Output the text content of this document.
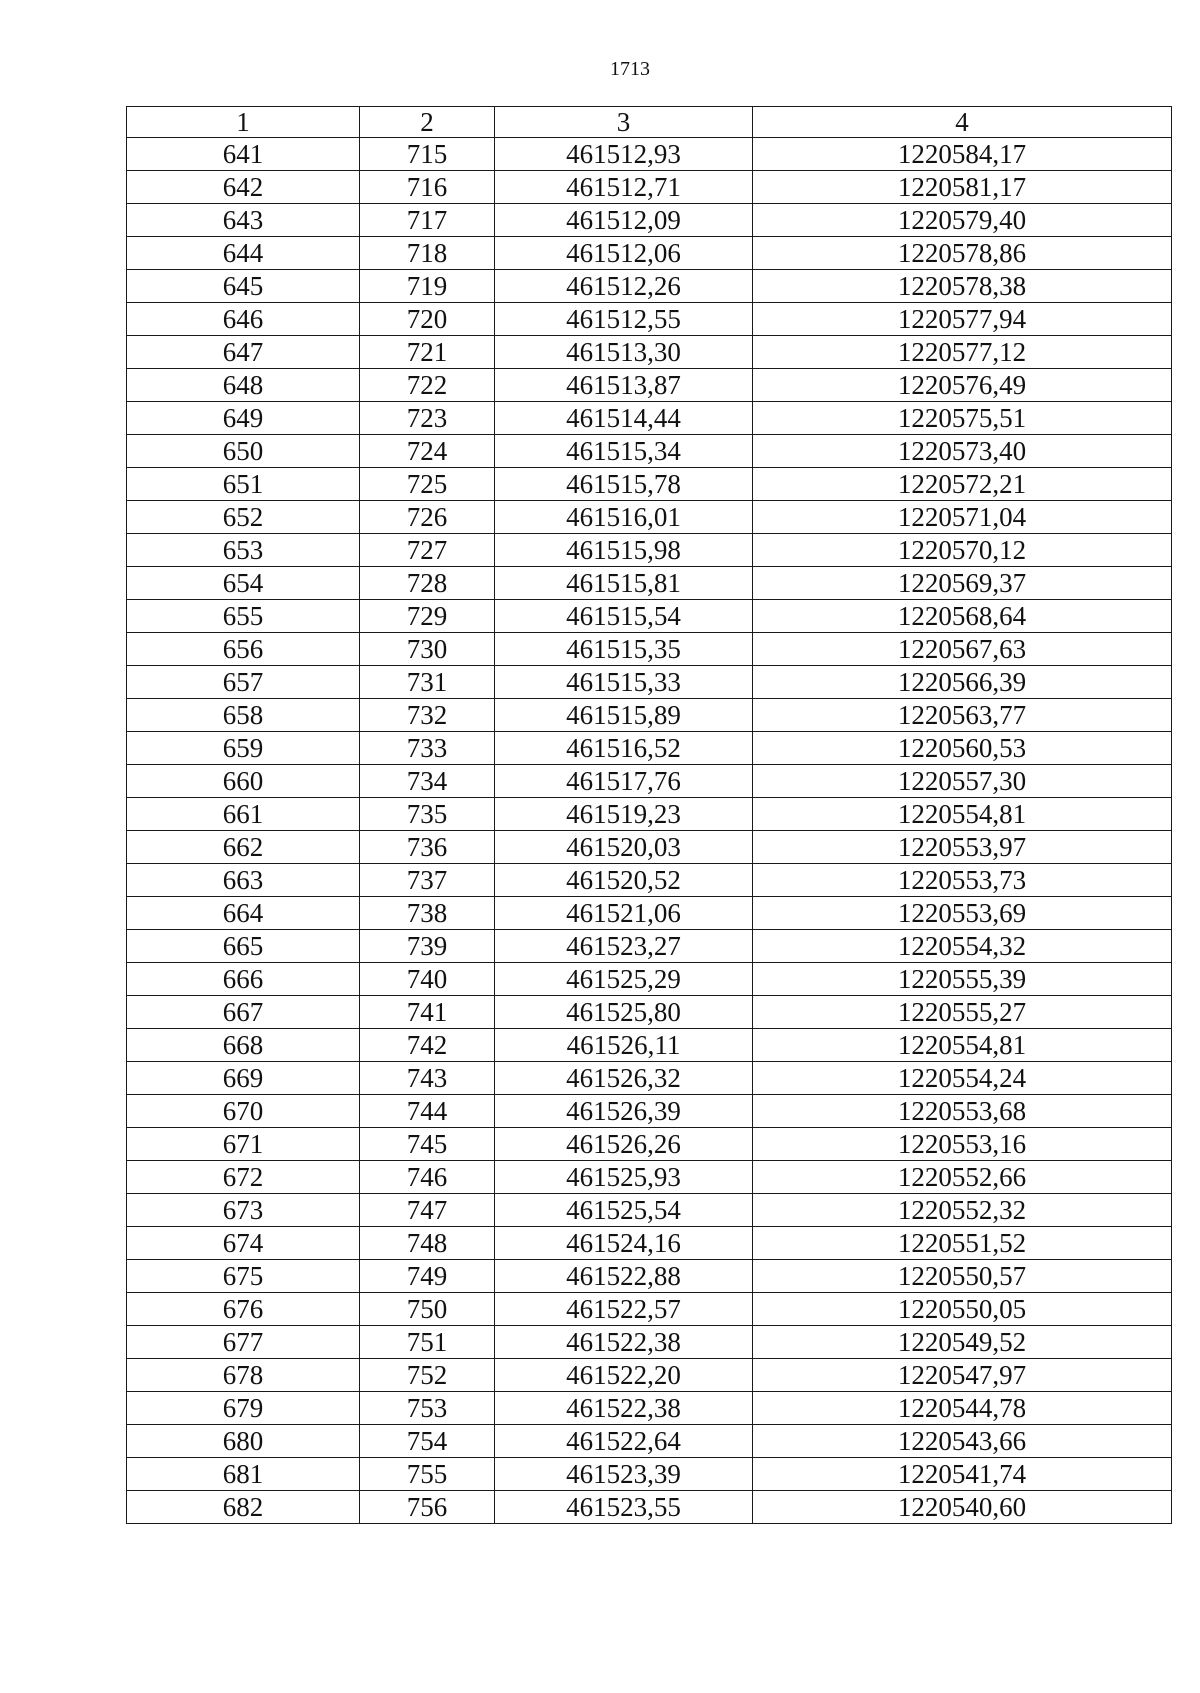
1713
1	2	3	4
641	715	461512,93	1220584,17
642	716	461512,71	1220581,17
643	717	461512,09	1220579,40
644	718	461512,06	1220578,86
645	719	461512,26	1220578,38
646	720	461512,55	1220577,94
647	721	461513,30	1220577,12
648	722	461513,87	1220576,49
649	723	461514,44	1220575,51
650	724	461515,34	1220573,40
651	725	461515,78	1220572,21
652	726	461516,01	1220571,04
653	727	461515,98	1220570,12
654	728	461515,81	1220569,37
655	729	461515,54	1220568,64
656	730	461515,35	1220567,63
657	731	461515,33	1220566,39
658	732	461515,89	1220563,77
659	733	461516,52	1220560,53
660	734	461517,76	1220557,30
661	735	461519,23	1220554,81
662	736	461520,03	1220553,97
663	737	461520,52	1220553,73
664	738	461521,06	1220553,69
665	739	461523,27	1220554,32
666	740	461525,29	1220555,39
667	741	461525,80	1220555,27
668	742	461526,11	1220554,81
669	743	461526,32	1220554,24
670	744	461526,39	1220553,68
671	745	461526,26	1220553,16
672	746	461525,93	1220552,66
673	747	461525,54	1220552,32
674	748	461524,16	1220551,52
675	749	461522,88	1220550,57
676	750	461522,57	1220550,05
677	751	461522,38	1220549,52
678	752	461522,20	1220547,97
679	753	461522,38	1220544,78
680	754	461522,64	1220543,66
681	755	461523,39	1220541,74
682	756	461523,55	1220540,60
